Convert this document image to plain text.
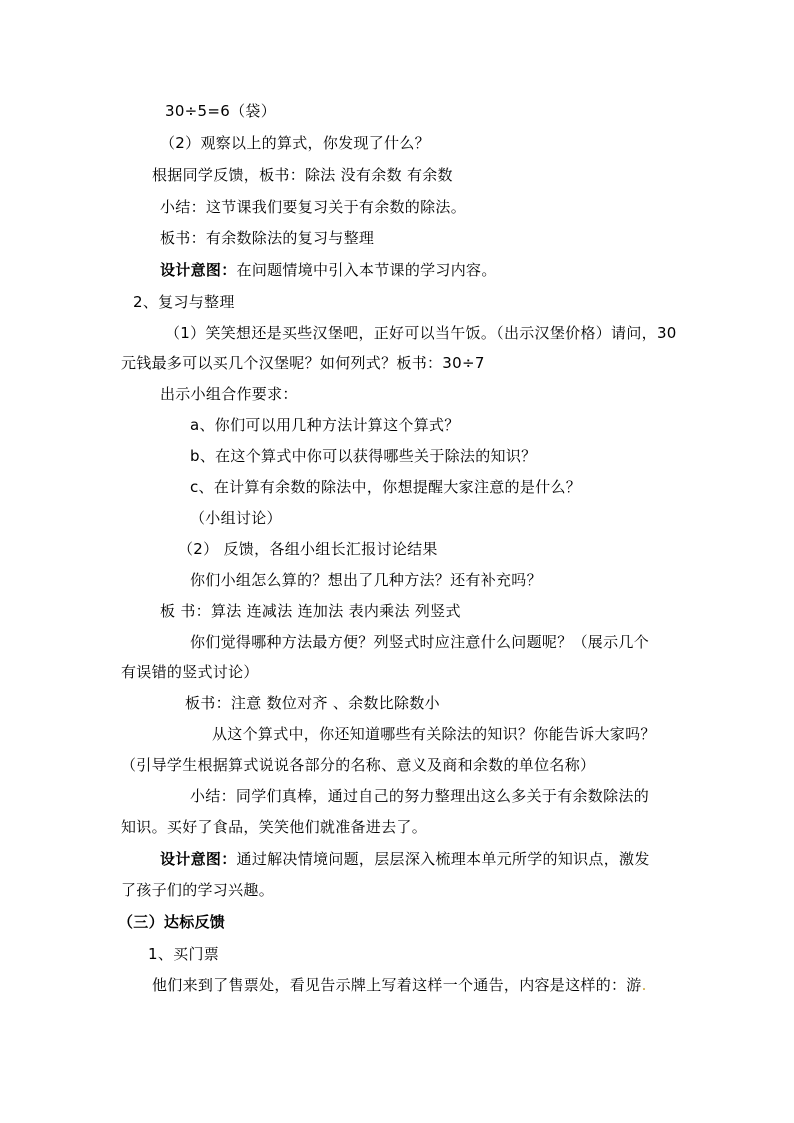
30÷5=6（袋）
（2）观察以上的算式，你发现了什么？
根据同学反馈，板书：除法 没有余数 有余数
小结：这节课我们要复习关于有余数的除法。
板书：有余数除法的复习与整理
设计意图：在问题情境中引入本节课的学习内容。
2、复习与整理
（1）笑笑想还是买些汉堡吧，正好可以当午饭。（出示汉堡价格）请问，30
元钱最多可以买几个汉堡呢？如何列式？板书：30÷7
出示小组合作要求：
a、你们可以用几种方法计算这个算式？
b、在这个算式中你可以获得哪些关于除法的知识？
c、在计算有余数的除法中，你想提醒大家注意的是什么？
（小组讨论）
（2） 反馈，各组小组长汇报讨论结果
你们小组怎么算的？想出了几种方法？还有补充吗？
板 书：算法 连减法 连加法 表内乘法 列竖式
你们觉得哪种方法最方便？列竖式时应注意什么问题呢？（展示几个
有误错的竖式讨论）
板书：注意 数位对齐 、余数比除数小
从这个算式中，你还知道哪些有关除法的知识？你能告诉大家吗？
（引导学生根据算式说说各部分的名称、意义及商和余数的单位名称）
小结：同学们真棒，通过自己的努力整理出这么多关于有余数除法的
知识。买好了食品，笑笑他们就准备进去了。
设计意图：通过解决情境问题，层层深入梳理本单元所学的知识点，激发
了孩子们的学习兴趣。
（三）达标反馈
1、买门票
他们来到了售票处，看见告示牌上写着这样一个通告，内容是这样的：游.
